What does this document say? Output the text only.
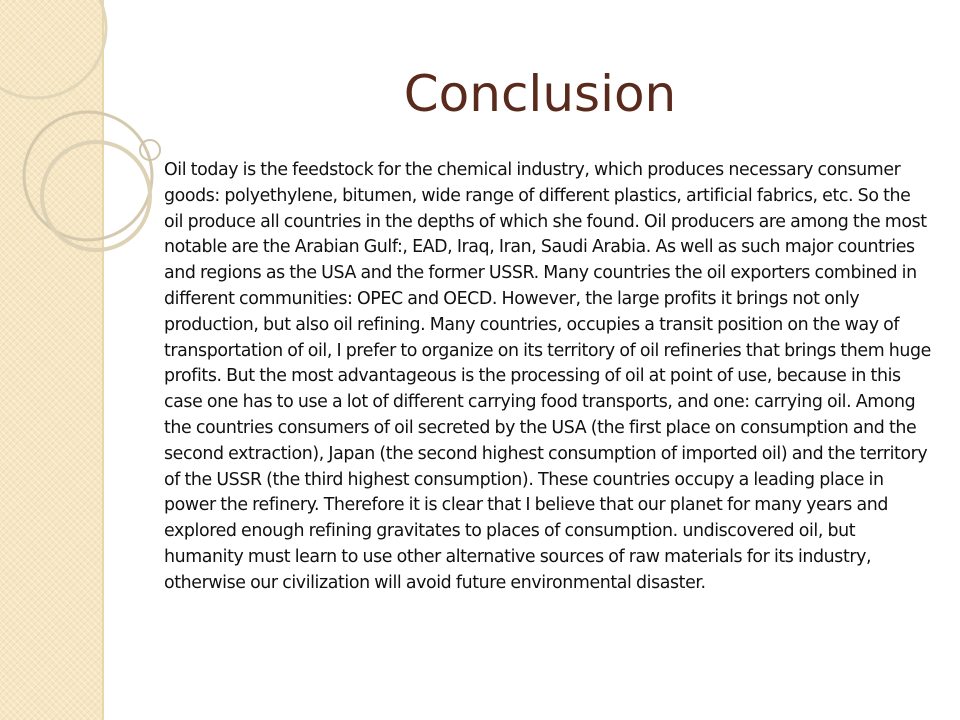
Conclusion

Oil today is the feedstock for the chemical industry, which produces necessary consumer goods: polyethylene, bitumen, wide range of different plastics, artificial fabrics, etc. So the oil produce all countries in the depths of which she found. Oil producers are among the most notable are the Arabian Gulf:, EAD, Iraq, Iran, Saudi Arabia. As well as such major countries and regions as the USA and the former USSR. Many countries the oil exporters combined in different communities: OPEC and OECD. However, the large profits it brings not only production, but also oil refining. Many countries, occupies a transit position on the way of transportation of oil, I prefer to organize on its territory of oil refineries that brings them huge profits. But the most advantageous is the processing of oil at point of use, because in this case one has to use a lot of different carrying food transports, and one: carrying oil. Among the countries consumers of oil secreted by the USA (the first place on consumption and the second extraction), Japan (the second highest consumption of imported oil) and the territory of the USSR (the third highest consumption). These countries occupy a leading place in power the refinery. Therefore it is clear that I believe that our planet for many years and explored enough refining gravitates to places of consumption. undiscovered oil, but humanity must learn to use other alternative sources of raw materials for its industry, otherwise our civilization will avoid future environmental disaster.
